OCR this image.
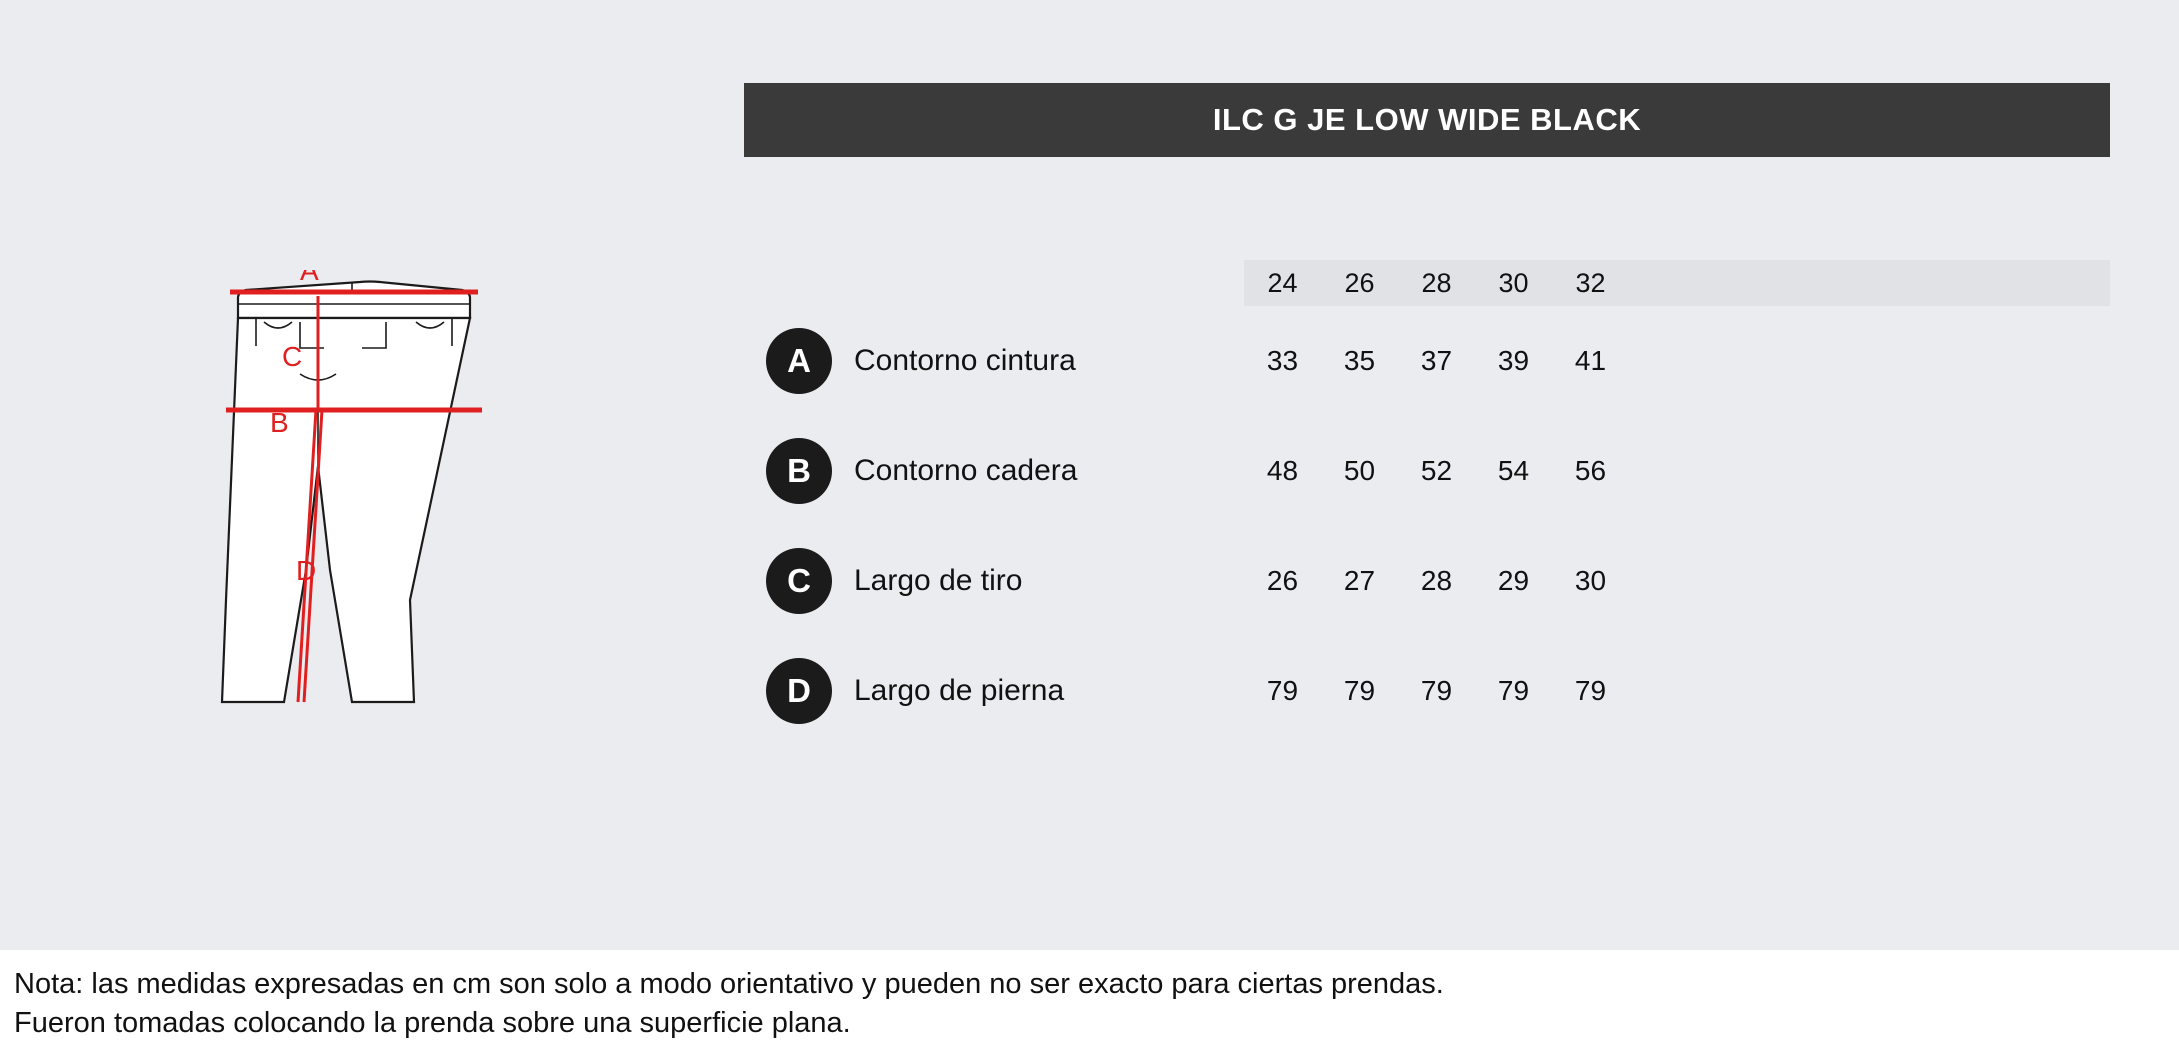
ILC G JE LOW WIDE BLACK
A
B
C
D
24	26	28	30	32
A	Contorno cintura	33	35	37	39	41
B	Contorno cadera	48	50	52	54	56
C	Largo de tiro	26	27	28	29	30
D	Largo de pierna	79	79	79	79	79
Nota: las medidas expresadas en cm son solo a modo orientativo y pueden no ser exacto para ciertas prendas.
Fueron tomadas colocando la prenda sobre una superficie plana.
